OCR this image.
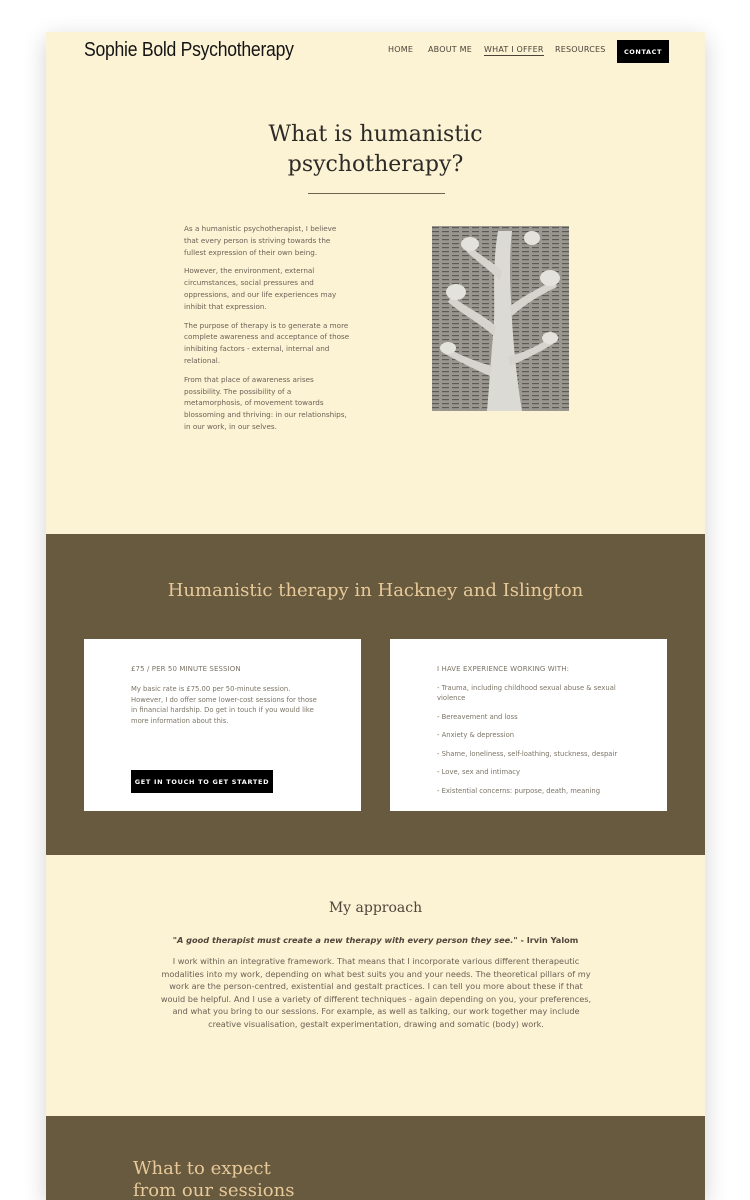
Sophie Bold Psychotherapy	HOME ABOUT ME WHAT I OFFER RESOURCES	CONTACT
What is humanistic
psychotherapy?

As a humanistic psychotherapist, I believe that every person is striving towards the fullest expression of their own being.

However, the environment, external circumstances, social pressures and oppressions, and our life experiences may inhibit that expression.

The purpose of therapy is to generate a more complete awareness and acceptance of those inhibiting factors - external, internal and relational.

From that place of awareness arises possibility. The possibility of a metamorphosis, of movement towards blossoming and thriving: in our relationships, in our work, in our selves.

Humanistic therapy in Hackney and Islington
£75 / PER 50 MINUTE SESSION
My basic rate is £75.00 per 50-minute session. However, I do offer some lower-cost sessions for those in financial hardship. Do get in touch if you would like more information about this.
GET IN TOUCH TO GET STARTED
I HAVE EXPERIENCE WORKING WITH:
- Trauma, including childhood sexual abuse & sexual violence
- Bereavement and loss
- Anxiety & depression
- Shame, loneliness, self-loathing, stuckness, despair
- Love, sex and intimacy
- Existential concerns: purpose, death, meaning
My approach
"A good therapist must create a new therapy with every person they see." - Irvin Yalom
I work within an integrative framework. That means that I incorporate various different therapeutic modalities into my work, depending on what best suits you and your needs. The theoretical pillars of my work are the person-centred, existential and gestalt practices. I can tell you more about these if that would be helpful. And I use a variety of different techniques - again depending on you, your preferences, and what you bring to our sessions. For example, as well as talking, our work together may include creative visualisation, gestalt experimentation, drawing and somatic (body) work.
What to expect
from our sessions
